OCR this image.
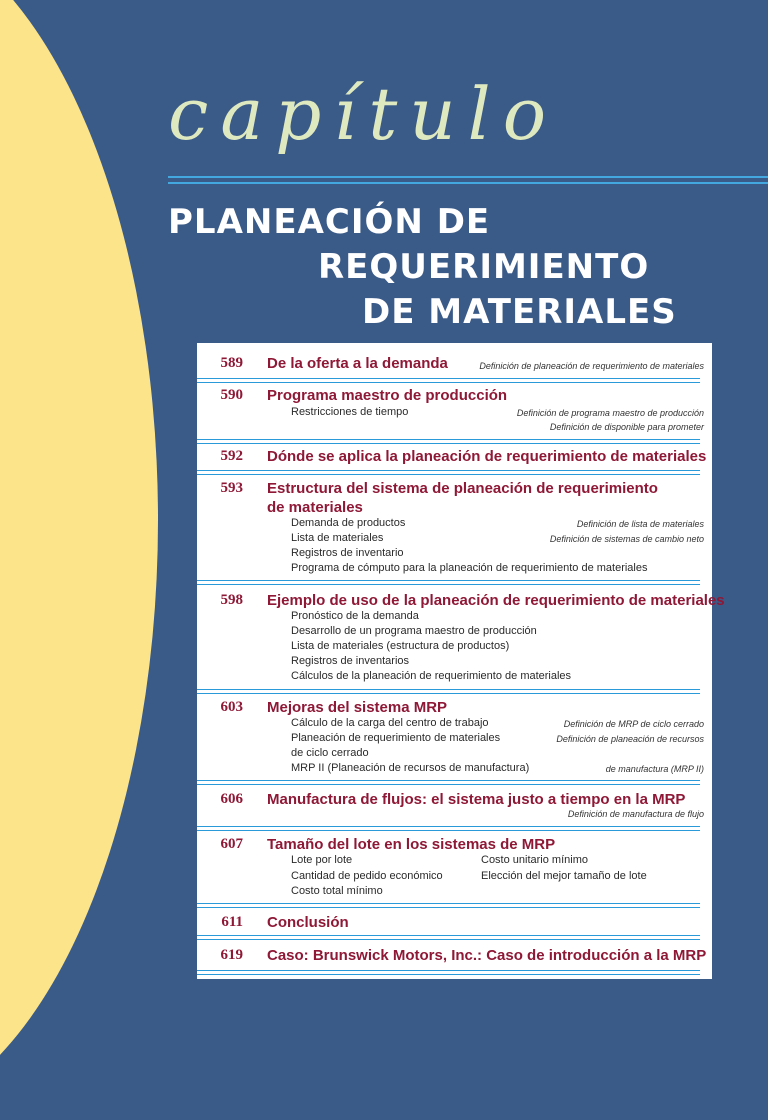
capítulo
PLANEACIÓN DE
REQUERIMIENTO
DE MATERIALES
589 De la oferta a la demanda	Definición de planeación de requerimiento de materiales
590 Programa maestro de producción
Restricciones de tiempo	Definición de programa maestro de producción
Definición de disponible para prometer
592 Dónde se aplica la planeación de requerimiento de materiales
593 Estructura del sistema de planeación de requerimiento
de materiales
Demanda de productos	Definición de lista de materiales
Lista de materiales	Definición de sistemas de cambio neto
Registros de inventario
Programa de cómputo para la planeación de requerimiento de materiales
598 Ejemplo de uso de la planeación de requerimiento de materiales
Pronóstico de la demanda
Desarrollo de un programa maestro de producción
Lista de materiales (estructura de productos)
Registros de inventarios
Cálculos de la planeación de requerimiento de materiales
603 Mejoras del sistema MRP
Cálculo de la carga del centro de trabajo	Definición de MRP de ciclo cerrado
Planeación de requerimiento de materiales	Definición de planeación de recursos
de ciclo cerrado
MRP II (Planeación de recursos de manufactura)	de manufactura (MRP II)
606 Manufactura de flujos: el sistema justo a tiempo en la MRP
Definición de manufactura de flujo
607 Tamaño del lote en los sistemas de MRP
Lote por lote	Costo unitario mínimo
Cantidad de pedido económico	Elección del mejor tamaño de lote
Costo total mínimo
611 Conclusión
619 Caso: Brunswick Motors, Inc.: Caso de introducción a la MRP
